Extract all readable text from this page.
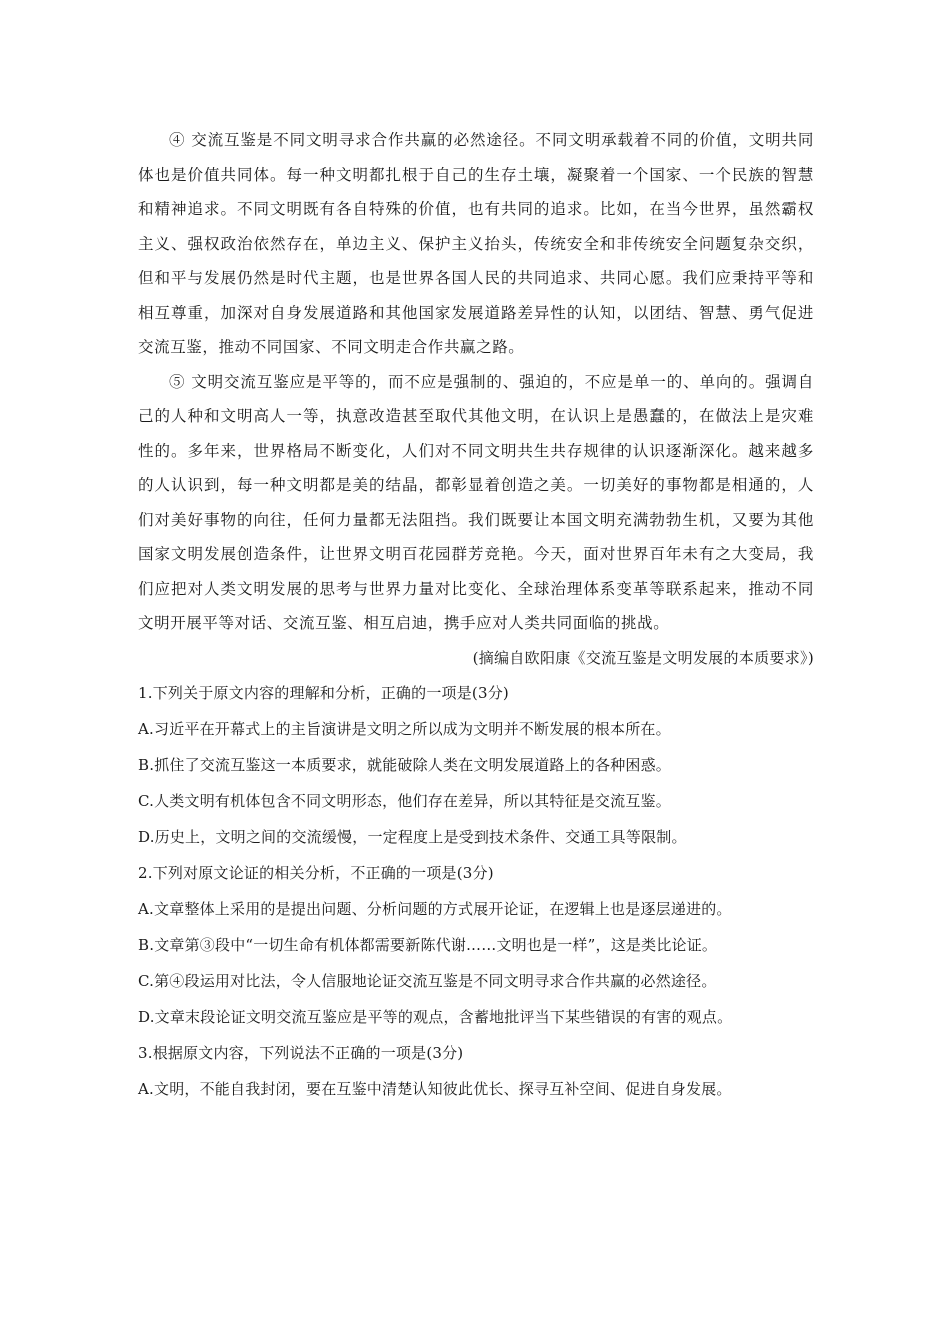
④ 交流互鉴是不同文明寻求合作共赢的必然途径。不同文明承载着不同的价值，文明共同体也是价值共同体。每一种文明都扎根于自己的生存土壤，凝聚着一个国家、一个民族的智慧和精神追求。不同文明既有各自特殊的价值，也有共同的追求。比如，在当今世界，虽然霸权主义、强权政治依然存在，单边主义、保护主义抬头，传统安全和非传统安全问题复杂交织，但和平与发展仍然是时代主题，也是世界各国人民的共同追求、共同心愿。我们应秉持平等和相互尊重，加深对自身发展道路和其他国家发展道路差异性的认知，以团结、智慧、勇气促进交流互鉴，推动不同国家、不同文明走合作共赢之路。

⑤ 文明交流互鉴应是平等的，而不应是强制的、强迫的，不应是单一的、单向的。强调自己的人种和文明高人一等，执意改造甚至取代其他文明，在认识上是愚蠢的，在做法上是灾难性的。多年来，世界格局不断变化，人们对不同文明共生共存规律的认识逐渐深化。越来越多的人认识到，每一种文明都是美的结晶，都彰显着创造之美。一切美好的事物都是相通的，人们对美好事物的向往，任何力量都无法阻挡。我们既要让本国文明充满勃勃生机，又要为其他国家文明发展创造条件，让世界文明百花园群芳竞艳。今天，面对世界百年未有之大变局，我们应把对人类文明发展的思考与世界力量对比变化、全球治理体系变革等联系起来，推动不同文明开展平等对话、交流互鉴、相互启迪，携手应对人类共同面临的挑战。

(摘编自欧阳康《交流互鉴是文明发展的本质要求》)

1.下列关于原文内容的理解和分析，正确的一项是(3分)

A.习近平在开幕式上的主旨演讲是文明之所以成为文明并不断发展的根本所在。

B.抓住了交流互鉴这一本质要求，就能破除人类在文明发展道路上的各种困惑。

C.人类文明有机体包含不同文明形态，他们存在差异，所以其特征是交流互鉴。

D.历史上，文明之间的交流缓慢，一定程度上是受到技术条件、交通工具等限制。

2.下列对原文论证的相关分析，不正确的一项是(3分)

A.文章整体上采用的是提出问题、分析问题的方式展开论证，在逻辑上也是逐层递进的。

B.文章第③段中“一切生命有机体都需要新陈代谢……文明也是一样”，这是类比论证。

C.第④段运用对比法，令人信服地论证交流互鉴是不同文明寻求合作共赢的必然途径。

D.文章末段论证文明交流互鉴应是平等的观点，含蓄地批评当下某些错误的有害的观点。

3.根据原文内容，下列说法不正确的一项是(3分)

A.文明，不能自我封闭，要在互鉴中清楚认知彼此优长、探寻互补空间、促进自身发展。
